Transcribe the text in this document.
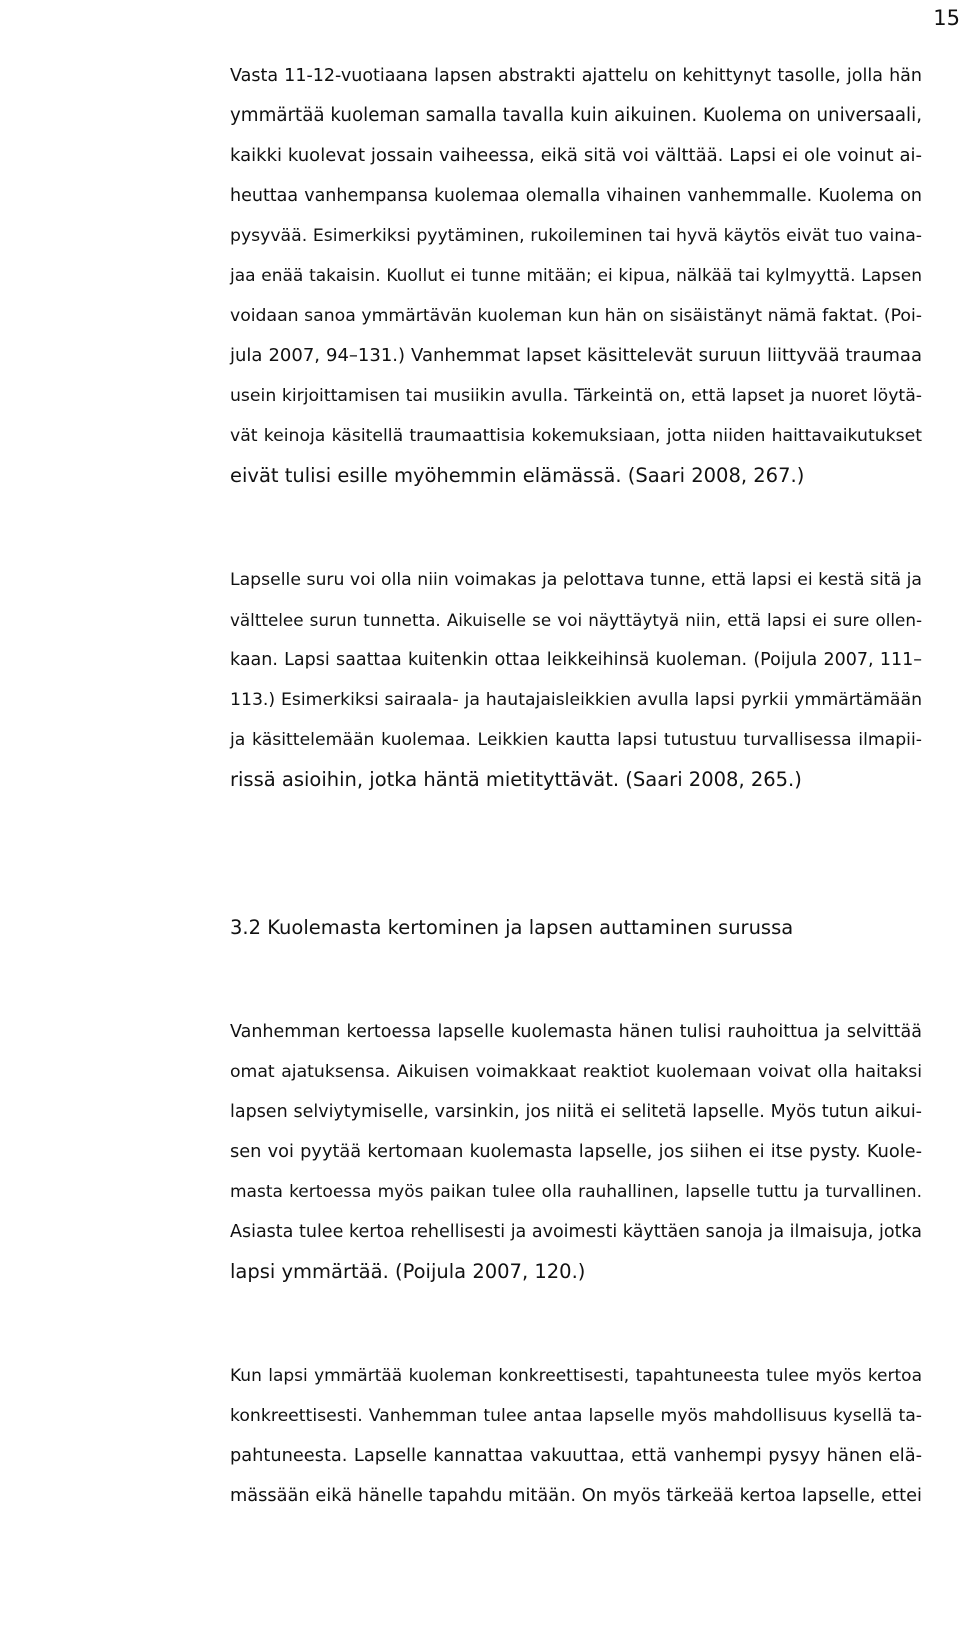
15

Vasta 11-12-vuotiaana lapsen abstrakti ajattelu on kehittynyt tasolle, jolla hän

ymmärtää kuoleman samalla tavalla kuin aikuinen. Kuolema on universaali,

kaikki kuolevat jossain vaiheessa, eikä sitä voi välttää. Lapsi ei ole voinut ai-

heuttaa vanhempansa kuolemaa olemalla vihainen vanhemmalle. Kuolema on

pysyvää. Esimerkiksi pyytäminen, rukoileminen tai hyvä käytös eivät tuo vaina-

jaa enää takaisin. Kuollut ei tunne mitään; ei kipua, nälkää tai kylmyyttä. Lapsen

voidaan sanoa ymmärtävän kuoleman kun hän on sisäistänyt nämä faktat. (Poi-

jula 2007, 94–131.) Vanhemmat lapset käsittelevät suruun liittyvää traumaa

usein kirjoittamisen tai musiikin avulla. Tärkeintä on, että lapset ja nuoret löytä-

vät keinoja käsitellä traumaattisia kokemuksiaan, jotta niiden haittavaikutukset

eivät tulisi esille myöhemmin elämässä. (Saari 2008, 267.)

Lapselle suru voi olla niin voimakas ja pelottava tunne, että lapsi ei kestä sitä ja

välttelee surun tunnetta. Aikuiselle se voi näyttäytyä niin, että lapsi ei sure ollen-

kaan. Lapsi saattaa kuitenkin ottaa leikkeihinsä kuoleman. (Poijula 2007, 111–

113.) Esimerkiksi sairaala- ja hautajaisleikkien avulla lapsi pyrkii ymmärtämään

ja käsittelemään kuolemaa. Leikkien kautta lapsi tutustuu turvallisessa ilmapii-

rissä asioihin, jotka häntä mietityttävät. (Saari 2008, 265.)

3.2 Kuolemasta kertominen ja lapsen auttaminen surussa

Vanhemman kertoessa lapselle kuolemasta hänen tulisi rauhoittua ja selvittää

omat ajatuksensa. Aikuisen voimakkaat reaktiot kuolemaan voivat olla haitaksi

lapsen selviytymiselle, varsinkin, jos niitä ei selitetä lapselle. Myös tutun aikui-

sen voi pyytää kertomaan kuolemasta lapselle, jos siihen ei itse pysty. Kuole-

masta kertoessa myös paikan tulee olla rauhallinen, lapselle tuttu ja turvallinen.

Asiasta tulee kertoa rehellisesti ja avoimesti käyttäen sanoja ja ilmaisuja, jotka

lapsi ymmärtää. (Poijula 2007, 120.)

Kun lapsi ymmärtää kuoleman konkreettisesti, tapahtuneesta tulee myös kertoa

konkreettisesti. Vanhemman tulee antaa lapselle myös mahdollisuus kysellä ta-

pahtuneesta. Lapselle kannattaa vakuuttaa, että vanhempi pysyy hänen elä-

mässään eikä hänelle tapahdu mitään. On myös tärkeää kertoa lapselle, ettei
